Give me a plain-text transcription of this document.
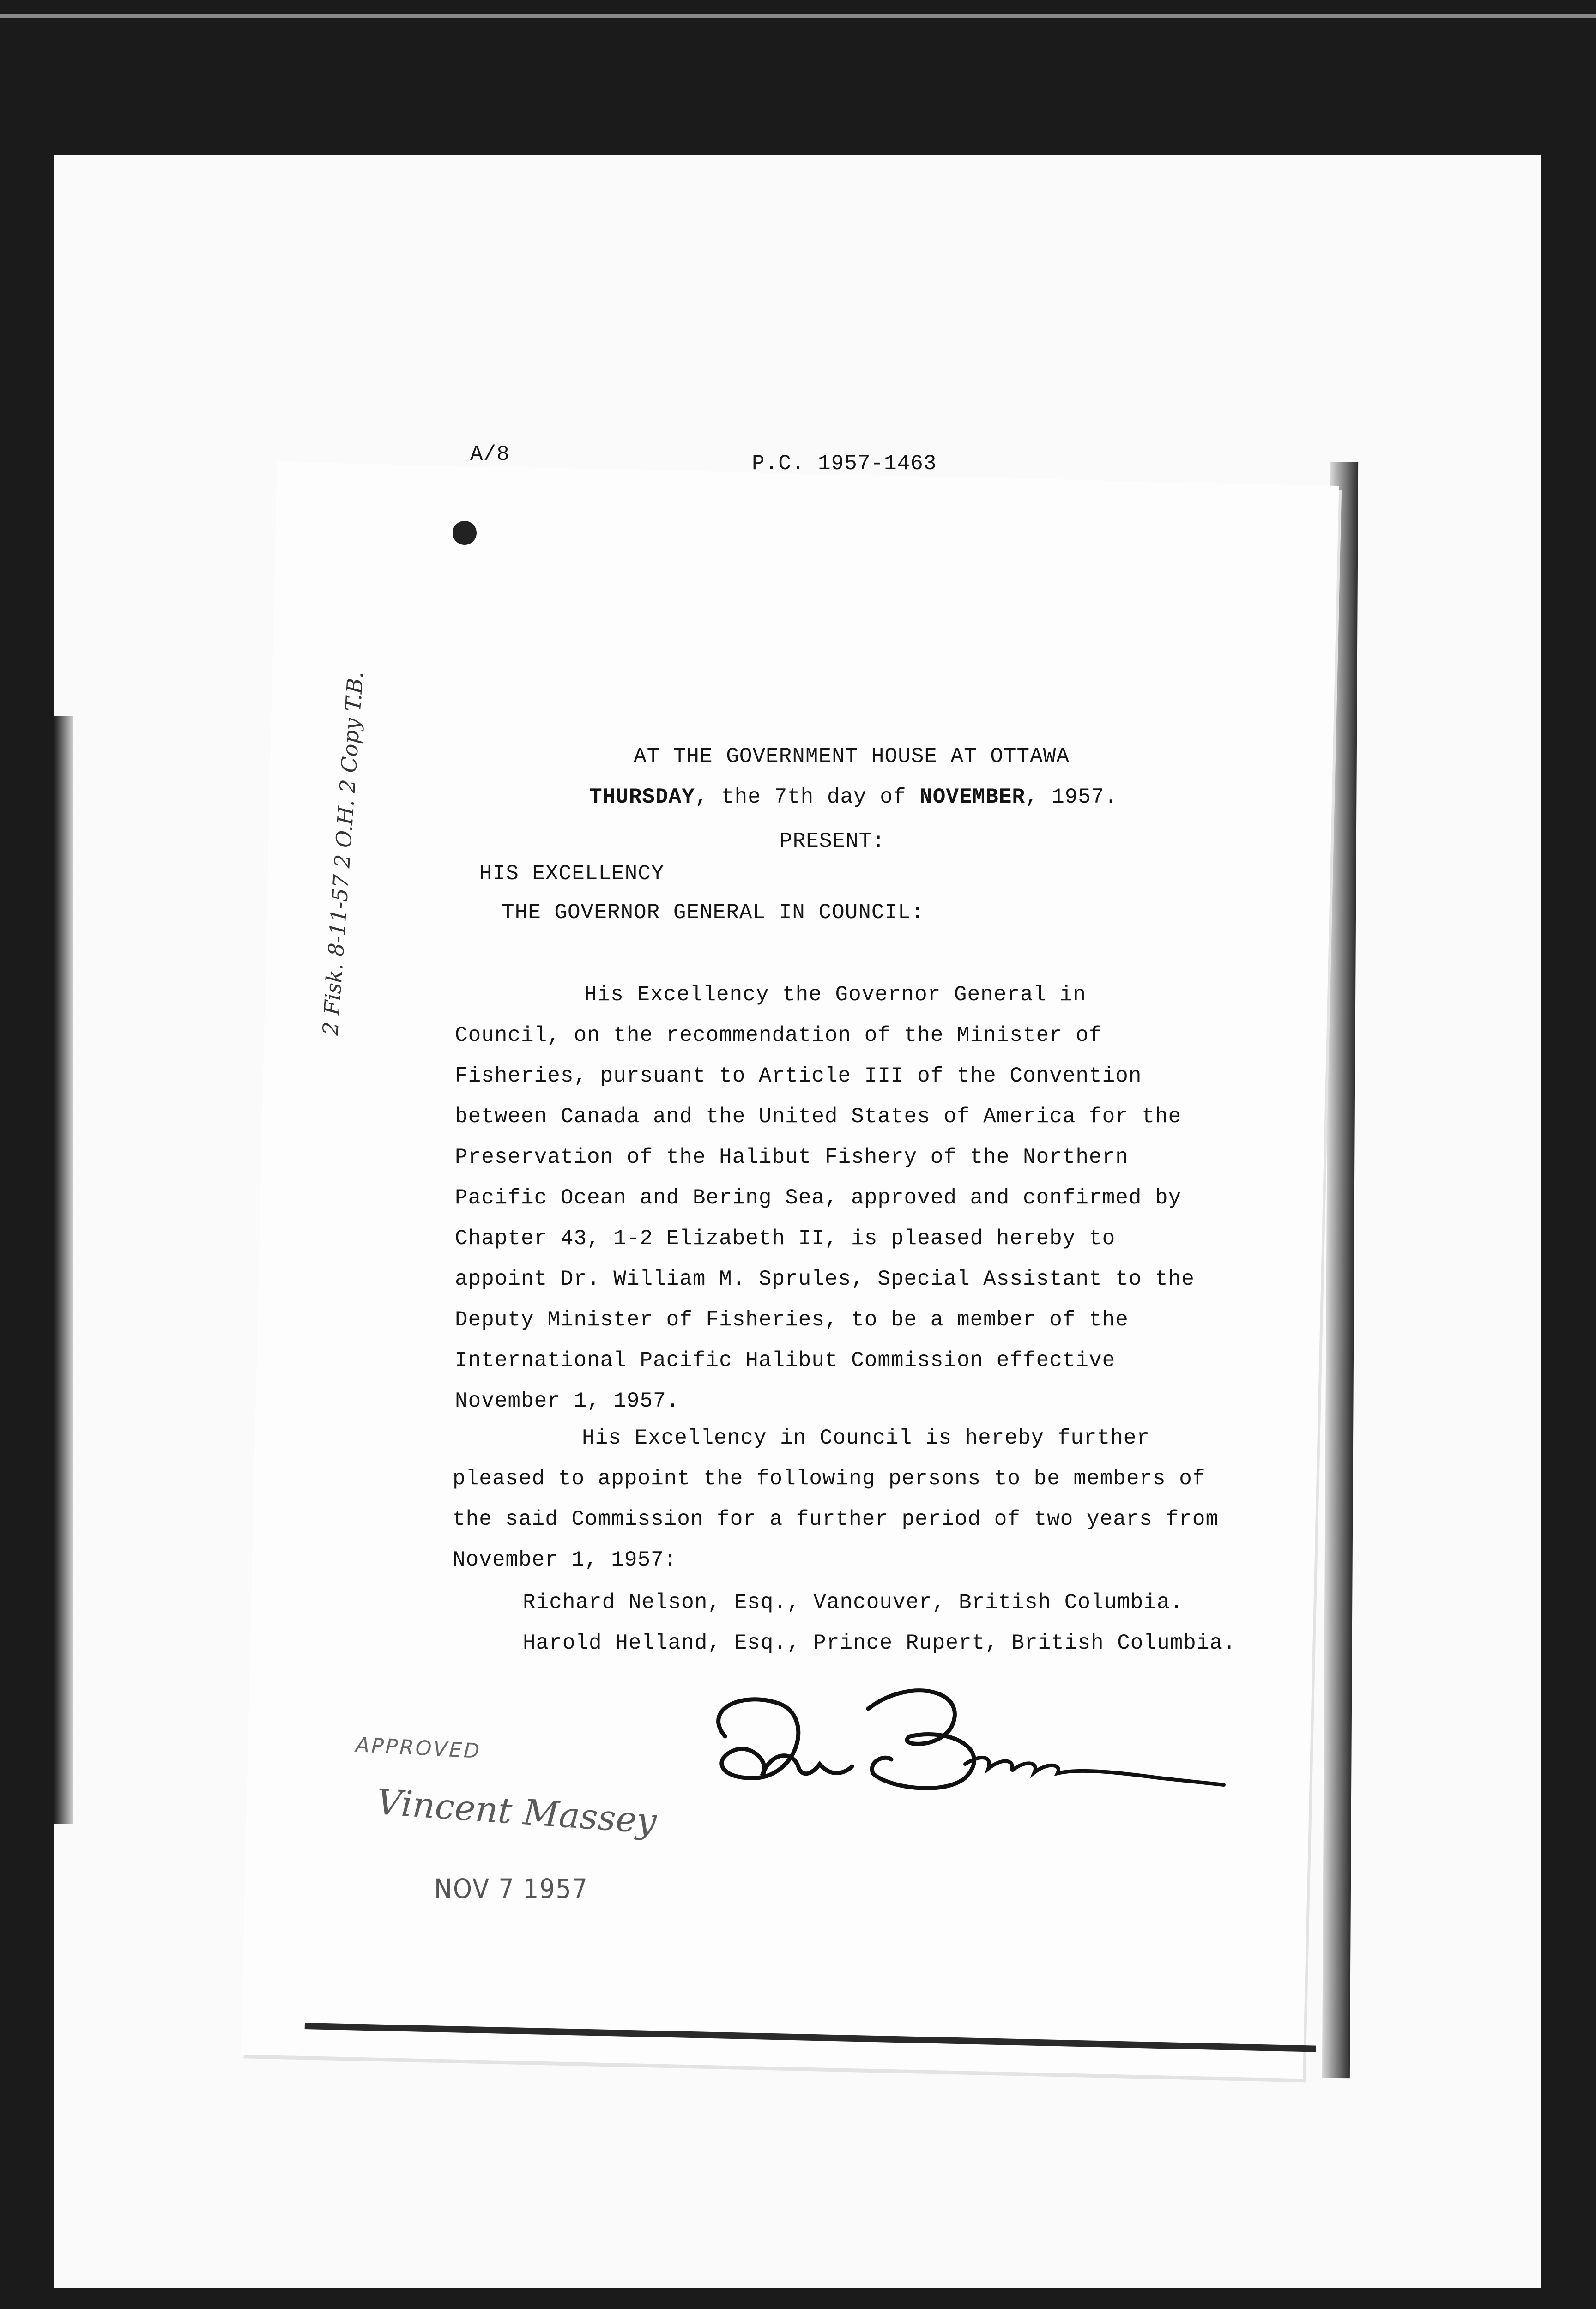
A/8	P.C. 1957-1463
AT THE GOVERNMENT HOUSE AT OTTAWA
THURSDAY, the 7th day of NOVEMBER, 1957.
PRESENT:
HIS EXCELLENCY
THE GOVERNOR GENERAL IN COUNCIL:
His Excellency the Governor General in
Council, on the recommendation of the Minister of
Fisheries, pursuant to Article III of the Convention
between Canada and the United States of America for the
Preservation of the Halibut Fishery of the Northern
Pacific Ocean and Bering Sea, approved and confirmed by
Chapter 43, 1-2 Elizabeth II, is pleased hereby to
appoint Dr. William M. Sprules, Special Assistant to the
Deputy Minister of Fisheries, to be a member of the
International Pacific Halibut Commission effective
November 1, 1957.
His Excellency in Council is hereby further
pleased to appoint the following persons to be members of
the said Commission for a further period of two years from
November 1, 1957:
Richard Nelson, Esq., Vancouver, British Columbia.
Harold Helland, Esq., Prince Rupert, British Columbia.
2 Fisk. 8-11-57 2 O.H. 2 Copy T.B.
APPROVED
Vincent Massey
NOV 7 1957
